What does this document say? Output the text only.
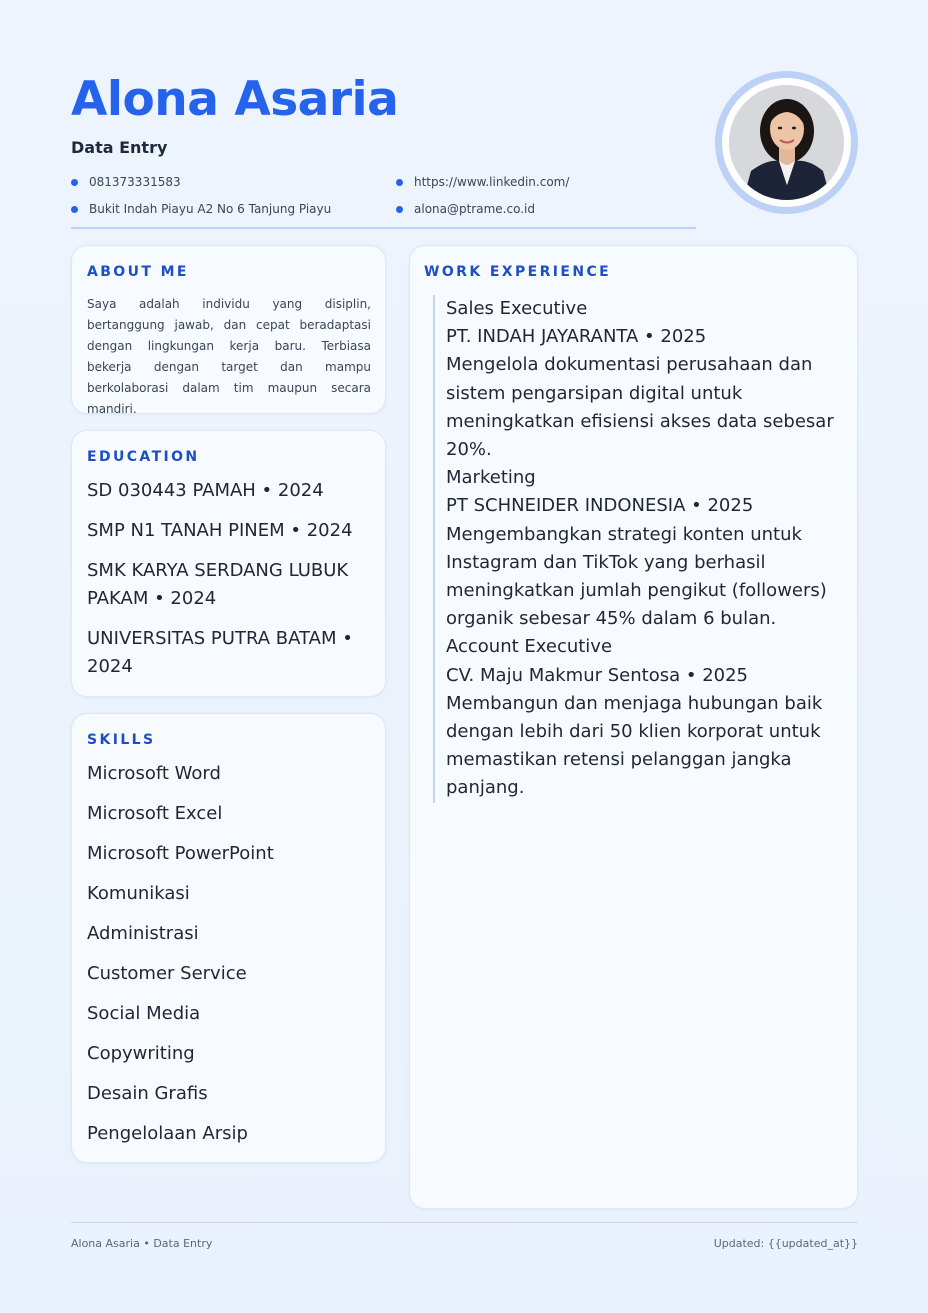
Alona Asaria
Data Entry
081373331583
Bukit Indah Piayu A2 No 6 Tanjung Piayu
https://www.linkedin.com/
alona@ptrame.co.id
ABOUT ME

Saya adalah individu yang disiplin, bertanggung jawab, dan cepat beradaptasi dengan lingkungan kerja baru. Terbiasa bekerja dengan target dan mampu berkolaborasi dalam tim maupun secara mandiri.

EDUCATION
SD 030443 PAMAH • 2024
SMP N1 TANAH PINEM • 2024
SMK KARYA SERDANG LUBUK PAKAM • 2024
UNIVERSITAS PUTRA BATAM • 2024
SKILLS
Microsoft Word
Microsoft Excel
Microsoft PowerPoint
Komunikasi
Administrasi
Customer Service
Social Media
Copywriting
Desain Grafis
Pengelolaan Arsip
WORK EXPERIENCE
Sales Executive
PT. INDAH JAYARANTA • 2025
Mengelola dokumentasi perusahaan dan sistem pengarsipan digital untuk meningkatkan efisiensi akses data sebesar 20%.
Marketing
PT SCHNEIDER INDONESIA • 2025
Mengembangkan strategi konten untuk Instagram dan TikTok yang berhasil meningkatkan jumlah pengikut (followers) organik sebesar 45% dalam 6 bulan.
Account Executive
CV. Maju Makmur Sentosa • 2025
Membangun dan menjaga hubungan baik dengan lebih dari 50 klien korporat untuk memastikan retensi pelanggan jangka panjang.
Alona Asaria • Data Entry	Updated: {{updated_at}}
